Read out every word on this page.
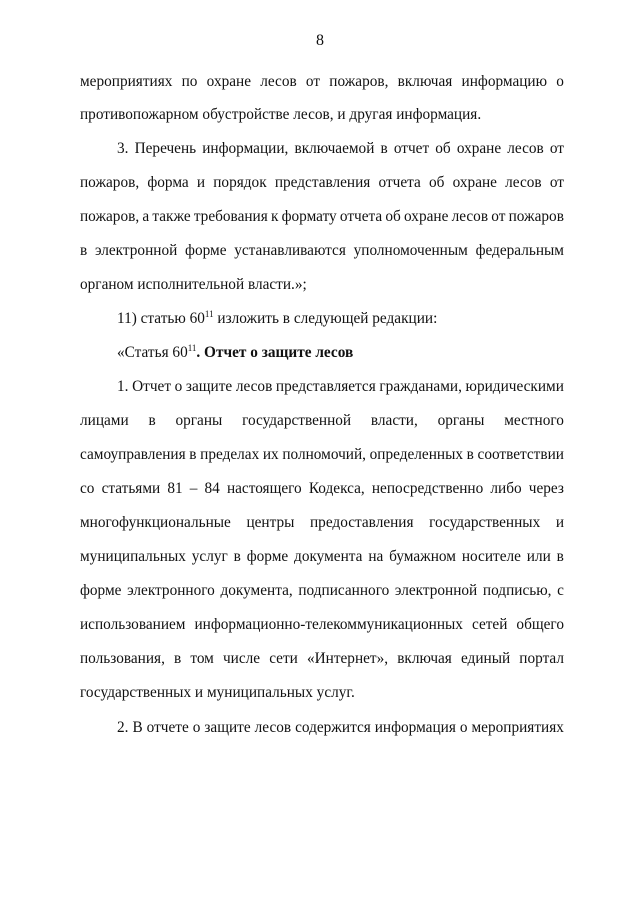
8
мероприятиях по охране лесов от пожаров, включая информацию о
противопожарном обустройстве лесов, и другая информация.
3. Перечень информации, включаемой в отчет об охране лесов от
пожаров, форма и порядок представления отчета об охране лесов от
пожаров, а также требования к формату отчета об охране лесов от пожаров
в электронной форме устанавливаются уполномоченным федеральным
органом исполнительной власти.»;
11) статью $60^{11}$ изложить в следующей редакции:
«Статья $60^{11}$. Отчет о защите лесов
1. Отчет о защите лесов представляется гражданами, юридическими
лицами в органы государственной власти, органы местного
самоуправления в пределах их полномочий, определенных в соответствии
со статьями 81 – 84 настоящего Кодекса, непосредственно либо через
многофункциональные центры предоставления государственных и
муниципальных услуг в форме документа на бумажном носителе или в
форме электронного документа, подписанного электронной подписью, с
использованием информационно-телекоммуникационных сетей общего
пользования, в том числе сети «Интернет», включая единый портал
государственных и муниципальных услуг.
2. В отчете о защите лесов содержится информация о мероприятиях
